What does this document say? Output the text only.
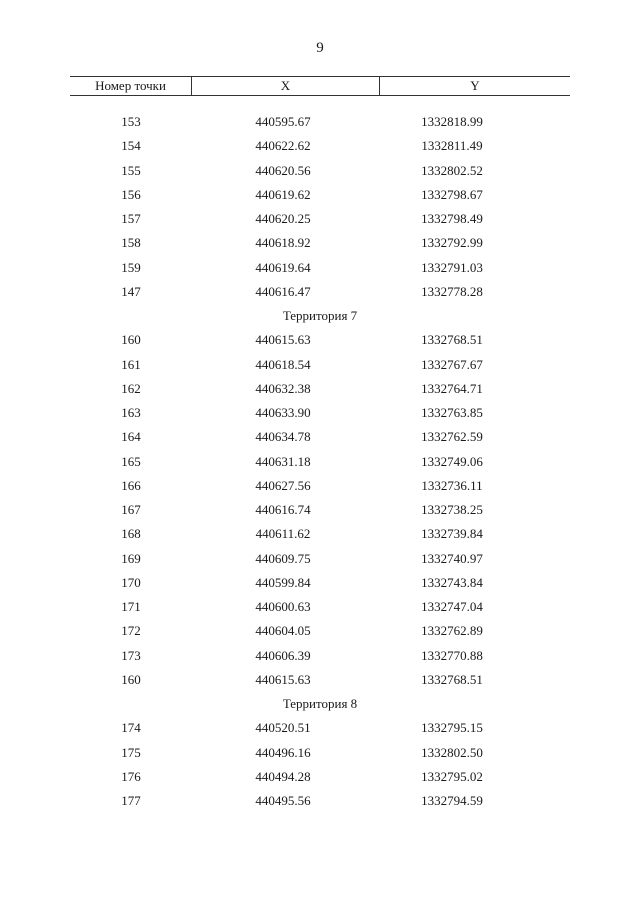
9
Номер точки	X	Y
153	440595.67	1332818.99
154	440622.62	1332811.49
155	440620.56	1332802.52
156	440619.62	1332798.67
157	440620.25	1332798.49
158	440618.92	1332792.99
159	440619.64	1332791.03
147	440616.47	1332778.28
Территория 7
160	440615.63	1332768.51
161	440618.54	1332767.67
162	440632.38	1332764.71
163	440633.90	1332763.85
164	440634.78	1332762.59
165	440631.18	1332749.06
166	440627.56	1332736.11
167	440616.74	1332738.25
168	440611.62	1332739.84
169	440609.75	1332740.97
170	440599.84	1332743.84
171	440600.63	1332747.04
172	440604.05	1332762.89
173	440606.39	1332770.88
160	440615.63	1332768.51
Территория 8
174	440520.51	1332795.15
175	440496.16	1332802.50
176	440494.28	1332795.02
177	440495.56	1332794.59
